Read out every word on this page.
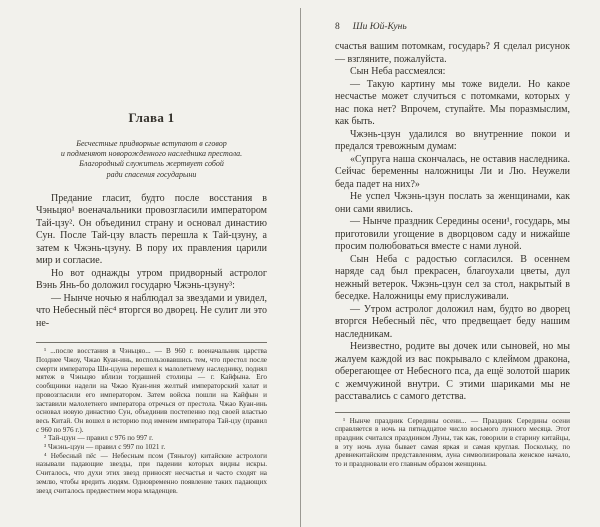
Глава 1
Бесчестные придворные вступают в сговор
и подменяют новорожденного наследника престола.
Благородный служитель жертвует собой
ради спасения государыни

Предание гласит, будто после восстания в Чэньцяо¹ военачальники провозгласили императором Тай-цзу². Он объединил страну и основал династию Сун. После Тай-цзу власть перешла к Тай-цзуну, а затем к Чжэнь-цзуну. В пору их правления царили мир и согласие.

Но вот однажды утром придворный астролог Вэнь Янь-бо доложил государю Чжэнь-цзуну³:

— Нынче ночью я наблюдал за звездами и увидел, что Небесный пёс⁴ вторгся во дворец. Не сулит ли это не-

¹ ...после восстания в Чэньцяо... — В 960 г. военачальник царства Позднее Чжоу, Чжао Куан-инь, воспользовавшись тем, что престол после смерти императора Ши-цзуна перешел к малолетнему наследнику, поднял мятеж в Чэньцяо вблизи тогдашней столицы — г. Кайфына. Его сообщники надели на Чжао Куан-иня желтый императорский халат и провозгласили его императором. Затем войска пошли на Кайфын и заставили малолетнего императора отречься от престола. Чжао Куан-инь основал новую династию Сун, объединив постепенно под своей властью весь Китай. Он вошел в историю под именем императора Тай-цзу (правил с 960 по 976 г.).

² Тай-цзун — правил с 976 по 997 г.

³ Чжэнь-цзун — правил с 997 по 1021 г.

⁴ Небесный пёс — Небесным псом (Тяньгоу) китайские астрологи называли падающие звезды, при падении которых видны искры. Считалось, что духи этих звезд приносят несчастья и часто сходят на землю, чтобы вредить людям. Одновременно появление таких падающих звезд считалось предвестием мора младенцев.

8 Ши Юй-Кунь

счастья вашим потомкам, государь? Я сделал рисунок — взгляните, пожалуйста.

Сын Неба рассмеялся:

— Такую картину мы тоже видели. Но какое несчастье может случиться с потомками, которых у нас пока нет? Впрочем, ступайте. Мы поразмыслим, как быть.

Чжэнь-цзун удалился во внутренние покои и предался тревожным думам:

«Супруга наша скончалась, не оставив наследника. Сейчас беременны наложницы Ли и Лю. Неужели беда падет на них?»

Не успел Чжэнь-цзун послать за женщинами, как они сами явились.

— Нынче праздник Середины осени¹, государь, мы приготовили угощение в дворцовом саду и нижайше просим полюбоваться вместе с нами луной.

Сын Неба с радостью согласился. В осеннем наряде сад был прекрасен, благоухали цветы, дул нежный ветерок. Чжэнь-цзун сел за стол, накрытый в беседке. Наложницы ему прислуживали.

— Утром астролог доложил нам, будто во дворец вторгся Небесный пёс, что предвещает беду нашим наследникам.

Неизвестно, родите вы дочек или сыновей, но мы жалуем каждой из вас покрывало с клеймом дракона, оберегающее от Небесного пса, да ещё золотой шарик с жемчужиной внутри. С этими шариками мы не расставались с самого детства.

¹ Нынче праздник Середины осени... — Праздник Середины осени справляется в ночь на пятнадцатое число восьмого лунного месяца. Этот праздник считался праздником Луны, так как, говорили в старину китайцы, в эту ночь луна бывает самая яркая и самая круглая. Поскольку, по древнекитайским представлениям, луна символизировала женское начало, то и праздновали его главным образом женщины.
